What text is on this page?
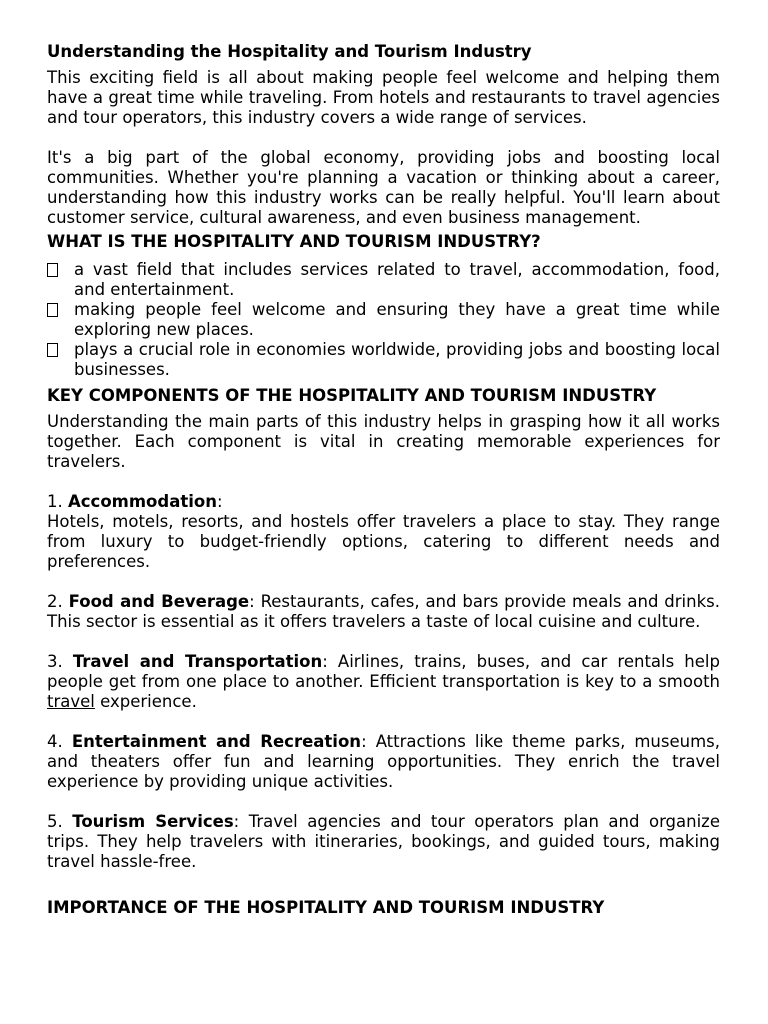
Understanding the Hospitality and Tourism Industry

This exciting field is all about making people feel welcome and helping them have a great time while traveling. From hotels and restaurants to travel agencies and tour operators, this industry covers a wide range of services.

It's a big part of the global economy, providing jobs and boosting local communities. Whether you're planning a vacation or thinking about a career, understanding how this industry works can be really helpful. You'll learn about customer service, cultural awareness, and even business management.

WHAT IS THE HOSPITALITY AND TOURISM INDUSTRY?

a vast field that includes services related to travel, accommodation, food, and entertainment.
making people feel welcome and ensuring they have a great time while exploring new places.
plays a crucial role in economies worldwide, providing jobs and boosting local businesses.

KEY COMPONENTS OF THE HOSPITALITY AND TOURISM INDUSTRY

Understanding the main parts of this industry helps in grasping how it all works together. Each component is vital in creating memorable experiences for travelers.

1. Accommodation:

Hotels, motels, resorts, and hostels offer travelers a place to stay. They range from luxury to budget-friendly options, catering to different needs and preferences.

2. Food and Beverage: Restaurants, cafes, and bars provide meals and drinks. This sector is essential as it offers travelers a taste of local cuisine and culture.

3. Travel and Transportation: Airlines, trains, buses, and car rentals help people get from one place to another. Efficient transportation is key to a smooth travel experience.

4. Entertainment and Recreation: Attractions like theme parks, museums, and theaters offer fun and learning opportunities. They enrich the travel experience by providing unique activities.

5. Tourism Services: Travel agencies and tour operators plan and organize trips. They help travelers with itineraries, bookings, and guided tours, making travel hassle-free.

IMPORTANCE OF THE HOSPITALITY AND TOURISM INDUSTRY
